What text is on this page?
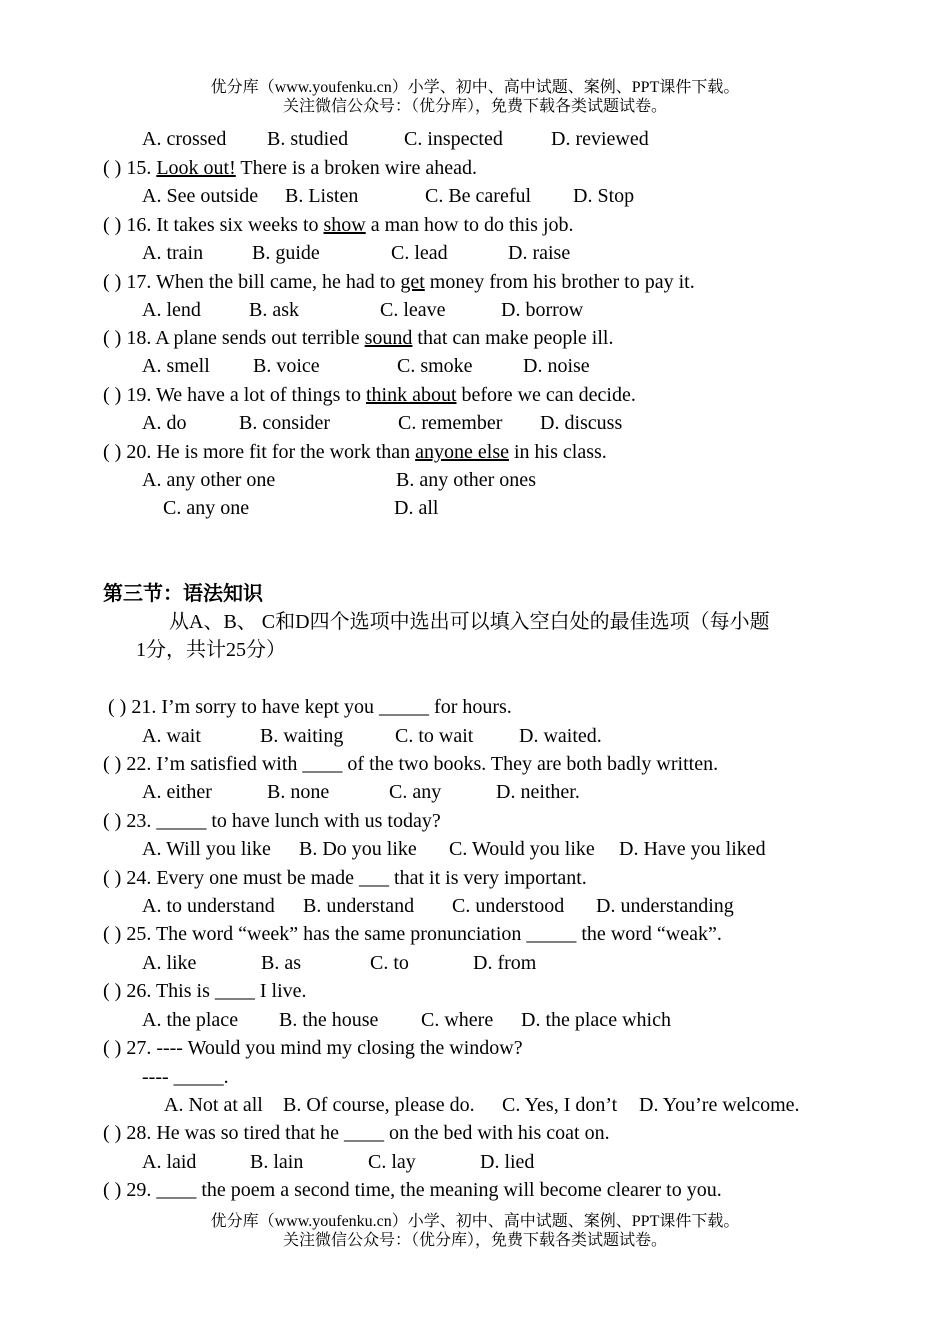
优分库（www.youfenku.cn）小学、初中、高中试题、案例、PPT课件下载。
关注微信公众号：（优分库），免费下载各类试题试卷。
A. crossed B. studied	C. inspected D. reviewed
( ) 15. Look out! There is a broken wire ahead.
A. See outside B. Listen	C. Be careful D. Stop
( ) 16. It takes six weeks to show a man how to do this job.
A. train B. guide	C. lead	D. raise
( ) 17. When the bill came, he had to get money from his brother to pay it.
A. lend B. ask	C. leave	D. borrow
( ) 18. A plane sends out terrible sound that can make people ill.
A. smell B. voice	C. smoke	D. noise
( ) 19. We have a lot of things to think about before we can decide.
A. do	B. consider	C. remember D. discuss
( ) 20. He is more fit for the work than anyone else in his class.
A. any other one	B. any other ones
C. any one	D. all
第三节：语法知识
从A、B、 C和D四个选项中选出可以填入空白处的最佳选项（每小题
1分，共计25分）
( ) 21. I’m sorry to have kept you _____ for hours.
A. wait	B. waiting	C. to wait D. waited.
( ) 22. I’m satisfied with ____ of the two books. They are both badly written.
A. either	B. none	C. any	D. neither.
( ) 23. _____ to have lunch with us today?
A. Will you like B. Do you like C. Would you like D. Have you liked
( ) 24. Every one must be made ___ that it is very important.
A. to understand B. understand C. understood D. understanding
( ) 25. The word “week” has the same pronunciation _____ the word “weak”.
A. like	B. as	C. to	D. from
( ) 26. This is ____ I live.
A. the place B. the house C. where D. the place which
( ) 27. ---- Would you mind my closing the window?
---- _____.
A. Not at all B. Of course, please do. C. Yes, I don’t D. You’re welcome.
( ) 28. He was so tired that he ____ on the bed with his coat on.
A. laid	B. lain	C. lay	D. lied
( ) 29. ____ the poem a second time, the meaning will become clearer to you.
优分库（www.youfenku.cn）小学、初中、高中试题、案例、PPT课件下载。
关注微信公众号：（优分库），免费下载各类试题试卷。
